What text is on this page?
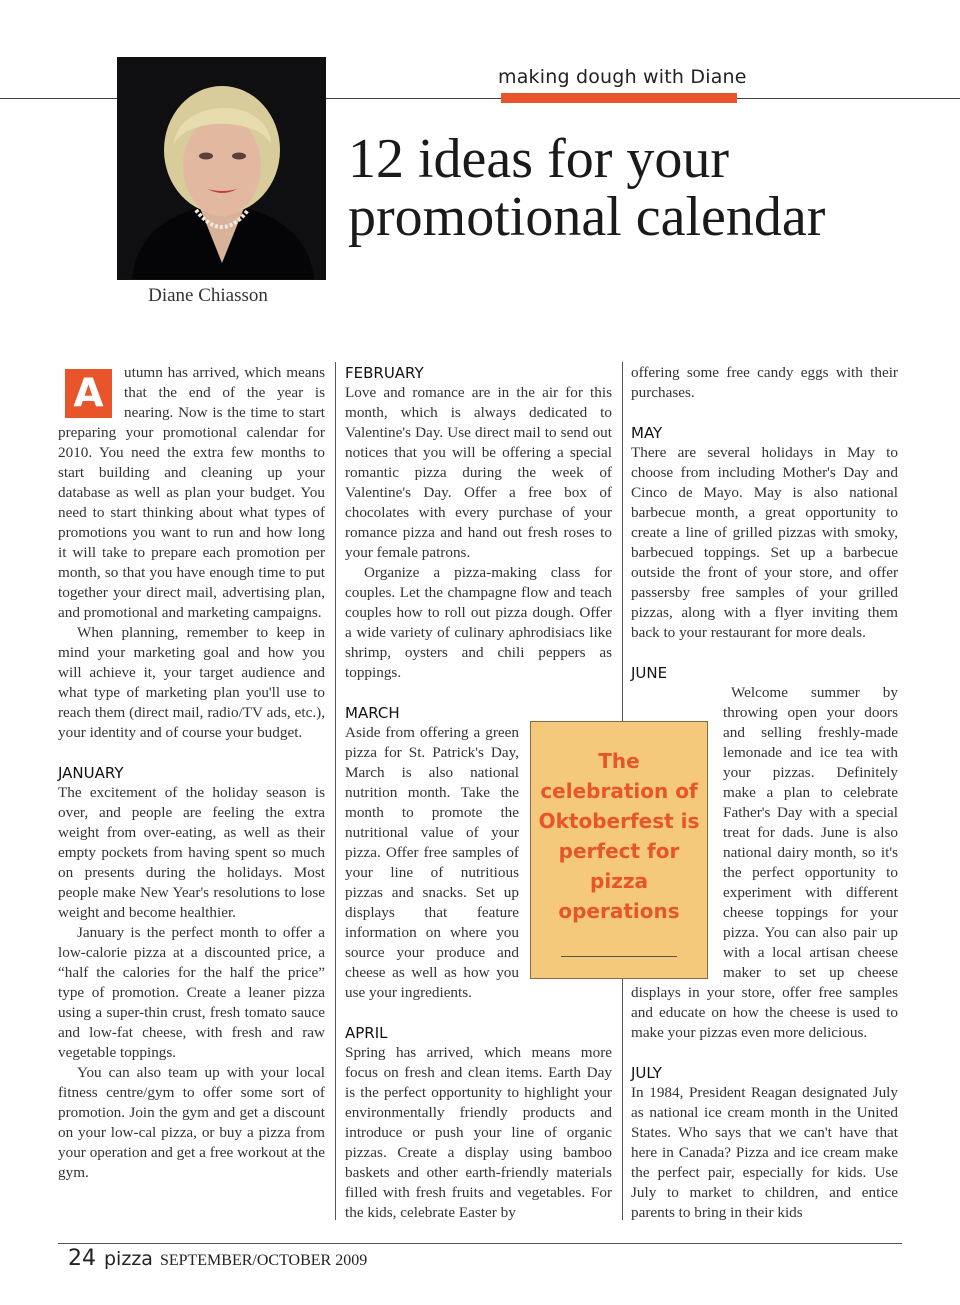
making dough with Diane
Diane Chiasson
12 ideas for your
promotional calendar
A	utumn has arrived, which means that the end of the year is nearing. Now is the time to start preparing your promotional calendar for 2010. You need the extra few months to start building and cleaning up your database as well as plan your budget. You need to start thinking about what types of promotions you want to run and how long it will take to prepare each promotion per month, so that you have enough time to put together your direct mail, advertising plan, and promotional and marketing campaigns.

When planning, remember to keep in mind your marketing goal and how you will achieve it, your target audience and what type of marketing plan you'll use to reach them (direct mail, radio/TV ads, etc.), your identity and of course your budget.

JANUARY

The excitement of the holiday season is over, and people are feeling the extra weight from over-eating, as well as their empty pockets from having spent so much on presents during the holidays. Most people make New Year's resolutions to lose weight and become healthier.

January is the perfect month to offer a low-calorie pizza at a discounted price, a “half the calories for the half the price” type of promotion. Create a leaner pizza using a super-thin crust, fresh tomato sauce and low-fat cheese, with fresh and raw vegetable toppings.

You can also team up with your local fitness centre/gym to offer some sort of promotion. Join the gym and get a discount on your low-cal pizza, or buy a pizza from your operation and get a free workout at the gym.

FEBRUARY

Love and romance are in the air for this month, which is always dedicated to Valentine's Day. Use direct mail to send out notices that you will be offering a special romantic pizza during the week of Valentine's Day. Offer a free box of chocolates with every purchase of your romance pizza and hand out fresh roses to your female patrons.

Organize a pizza-making class for couples. Let the champagne flow and teach couples how to roll out pizza dough. Offer a wide variety of culinary aphrodisiacs like shrimp, oysters and chili peppers as toppings.

MARCH

Aside from offering a green pizza for St. Patrick's Day, March is also national nutrition month. Take the month to promote the nutritional value of your pizza. Offer free samples of your line of nutritious pizzas and snacks. Set up displays that feature information on where you source your produce and cheese as well as how you use your ingredients.

APRIL

Spring has arrived, which means more focus on fresh and clean items. Earth Day is the perfect opportunity to highlight your environmentally friendly products and introduce or push your line of organic pizzas. Create a display using bamboo baskets and other earth-friendly materials filled with fresh fruits and vegetables. For the kids, celebrate Easter by

offering some free candy eggs with their purchases.

MAY

There are several holidays in May to choose from including Mother's Day and Cinco de Mayo. May is also national barbecue month, a great opportunity to create a line of grilled pizzas with smoky, barbecued toppings. Set up a barbecue outside the front of your store, and offer passersby free samples of your grilled pizzas, along with a flyer inviting them back to your restaurant for more deals.

JUNE

Welcome summer by throwing open your doors and selling freshly-made lemonade and ice tea with your pizzas. Definitely make a plan to celebrate Father's Day with a special treat for dads. June is also national dairy month, so it's the perfect opportunity to experiment with different cheese toppings for your pizza. You can also pair up with a local artisan cheese maker to set up cheese displays in your store, offer free samples and educate on how the cheese is used to make your pizzas even more delicious.

JULY

In 1984, President Reagan designated July as national ice cream month in the United States. Who says that we can't have that here in Canada? Pizza and ice cream make the perfect pair, especially for kids. Use July to market to children, and entice parents to bring in their kids

The celebration of Oktoberfest is perfect for pizza operations
24 pizza SEPTEMBER/OCTOBER 2009
